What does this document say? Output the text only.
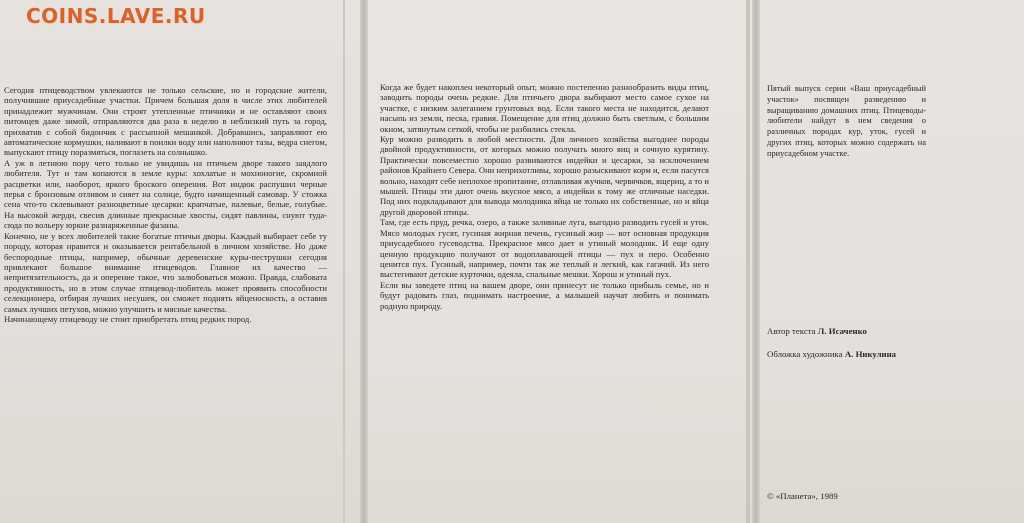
COINS.LAVE.RU

Сегодня птицеводством увлекаются не только сельские, но и городские жители, получившие приусадебные участки. Причем большая доля в числе этих любителей принадлежит мужчинам. Они строят утепленные птичники и не оставляют своих питомцев даже зимой, отправляются два раза в неделю в неблизкий путь за город, прихватив с собой бидончик с рассыпной мешанкой. Добравшись, заправляют ею автоматические кормушки, наливают в поилки воду или наполняют тазы, ведра снегом, выпускают птицу поразмяться, поглазеть на солнышко.

А уж в летнюю пору чего только не увидишь на птичьем дворе такого заядлого любителя. Тут и там копаются в земле куры: хохлатые и мохноногие, скромной расцветки или, наоборот, яркого броского оперения. Вот индюк распушил черные перья с бронзовым отливом и сияет на солнце, будто начищенный самовар. У стожка сена что-то склевывают разноцветные цесарки: крапчатые, палевые, белые, голубые. На высокой жерди, свесив длинные прекрасные хвосты, сидят павлины, снуют туда-сюда по вольеру юркие разнаряженные фазаны.

Конечно, не у всех любителей такие богатые птичьи дворы. Каждый выбирает себе ту породу, которая нравится и оказывается рентабельной в личном хозяйстве. Но даже беспородные птицы, например, обычные деревенские куры-пеструшки сегодня привлекают большое внимание птицеводов. Главное их качество — непритязательность, да и оперение такое, что залюбоваться можно. Правда, слабовата продуктивность, но в этом случае птицевод-любитель может проявить способности селекционера, отбирая лучших несушек, он сможет поднять яйценоскость, а оставив самых лучших петухов, можно улучшить и мясные качества.

Начинающему птицеводу не стоит приобретать птиц редких пород.

Когда же будет накоплен некоторый опыт, можно постепенно разнообразить виды птиц, заводить породы очень редкие. Для птичьего двора выбирают место самое сухое на участке, с низким залеганием грунтовых вод. Если такого места не находится, делают насыпь из земли, песка, гравия. Помещение для птиц должно быть светлым, с большим окном, затянутым сеткой, чтобы не разбились стекла.

Кур можно разводить в любой местности. Для личного хозяйства выгоднее породы двойной продуктивности, от которых можно получать много яиц и сочную курятину. Практически повсеместно хорошо развиваются индейки и цесарки, за исключением районов Крайнего Севера. Они неприхотливы, хорошо разыскивают корм и, если пасутся вольно, находят себе неплохое пропитание, отлавливая жучков, червячков, ящериц, а то и мышей. Птицы эти дают очень вкусное мясо, а индейки к тому же отличные наседки. Под них подкладывают для вывода молодняка яйца не только их собственные, но и яйца другой дворовой птицы.

Там, где есть пруд, речка, озеро, а также заливные луга, выгодно разводить гусей и уток. Мясо молодых гусят, гусиная жирная печень, гусиный жир — вот основная продукция приусадебного гусеводства. Прекрасное мясо дает и утиный молодняк. И еще одну ценную продукцию получают от водоплавающей птицы — пух и перо. Особенно ценится пух. Гусиный, например, почти так же теплый и легкий, как гагачий. Из него выстегивают детские курточки, одеяла, спальные мешки. Хорош и утиный пух.

Если вы заведете птиц на вашем дворе, они принесут не только прибыль семье, но и будут радовать глаз, поднимать настроение, а малышей научат любить и понимать родную природу.

Пятый выпуск серии «Ваш приусадебный участок» посвящен разведению и выращиванию домашних птиц. Птицеводы-любители найдут в нем сведения о различных породах кур, уток, гусей и других птиц, которых можно содержать на приусадебном участке.
Автор текста Л. Исаченко
Обложка художника А. Никулина
© «Планета», 1989
